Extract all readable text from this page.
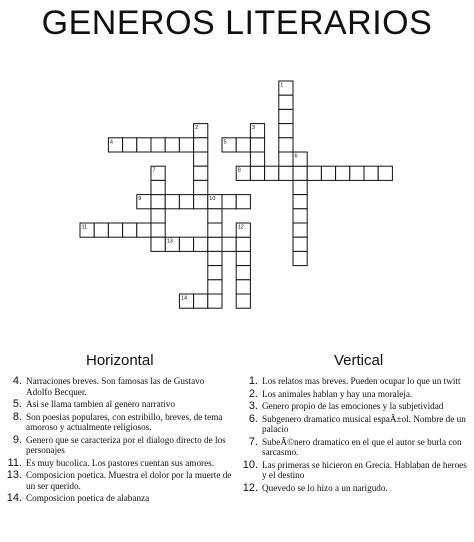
GENEROS LITERARIOS
4	5
8
9
11
13
14
1
2	3
6
7
10
12
Horizontal	Vertical
4. Narraciones breves. Son famosas las de Gustavo Adolfo Becquer.
5. Asi se llama tambien al genero narrativo
8. Son poesias populares, con estribillo, breves, de tema amoroso y actualmente religiosos.
9. Genero que se caracteriza por el dialogo directo de los personajes
11. Es muy bucolica. Los pastores cuentan sus amores.
13. Composicion poetica. Muestra el dolor por la muerte de un ser querido.
14. Composicion poetica de alabanza
1. Los relatos mas breves. Pueden ocupar lo que un twitt
2. Los animales hablan y hay una moraleja.
3. Genero propio de las emociones y la subjetividad
6. Subgenero dramatico musical espaÃ±ol. Nombre de un palacio
7. SubeÃ©nero dramatico en el que el autor se burla con sarcasmo.
10. Las primeras se hicieron en Grecia. Hablaban de heroes y el destino
12. Quevedo se lo hizo a un narigudo.
